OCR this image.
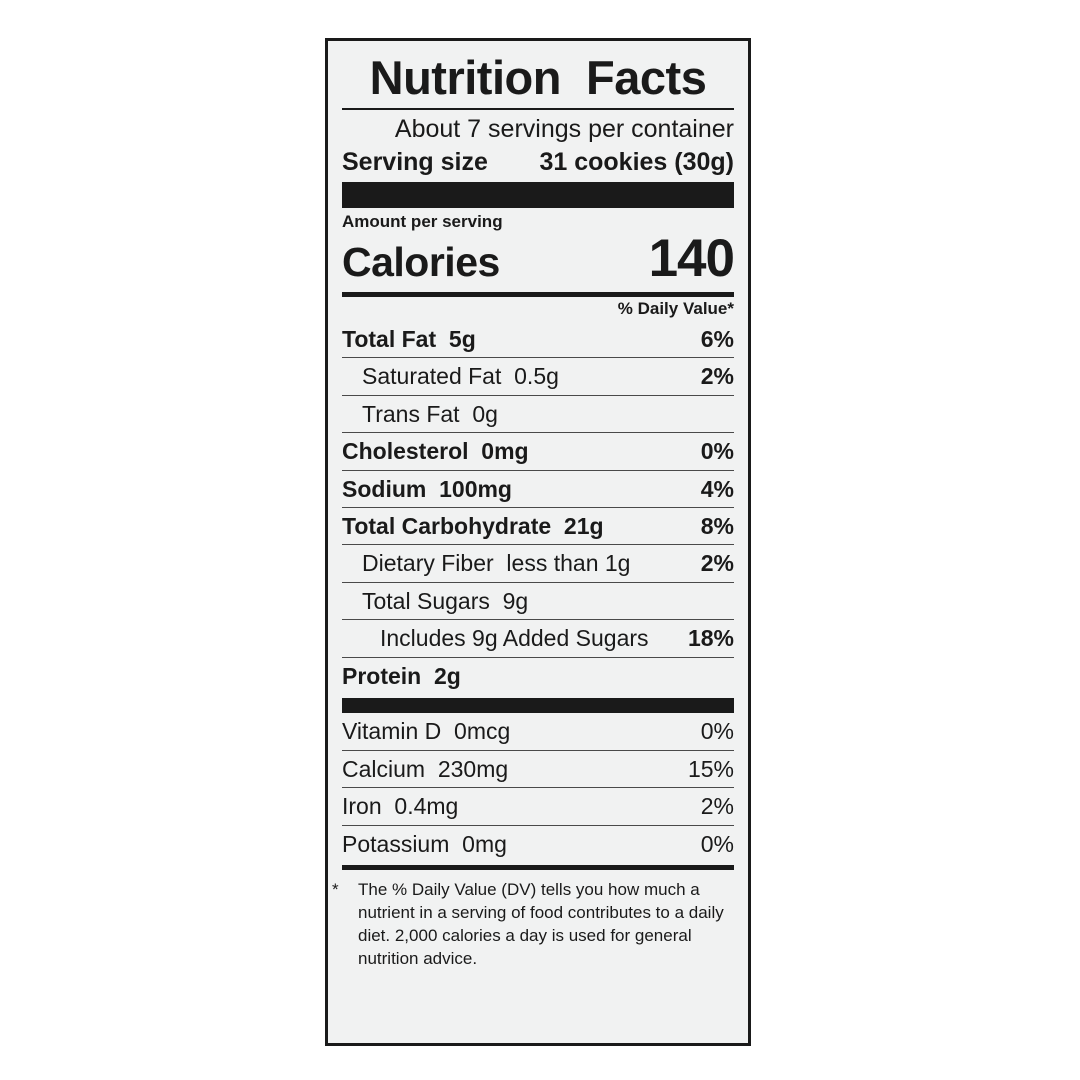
Nutrition  Facts
About 7 servings per container
Serving size 31 cookies (30g)
Amount per serving
Calories	140
% Daily Value*
Total Fat  5g	6%
Saturated Fat  0.5g	2%
Trans Fat  0g
Cholesterol  0mg	0%
Sodium  100mg	4%
Total Carbohydrate  21g	8%
Dietary Fiber  less than 1g	2%
Total Sugars  9g
Includes 9g Added Sugars 18%
Protein  2g
Vitamin D  0mcg	0%
Calcium  230mg	15%
Iron  0.4mg	2%
Potassium  0mg	0%
*	The % Daily Value (DV) tells you how much a nutrient in a serving of food contributes to a daily diet. 2,000 calories a day is used for general nutrition advice.
